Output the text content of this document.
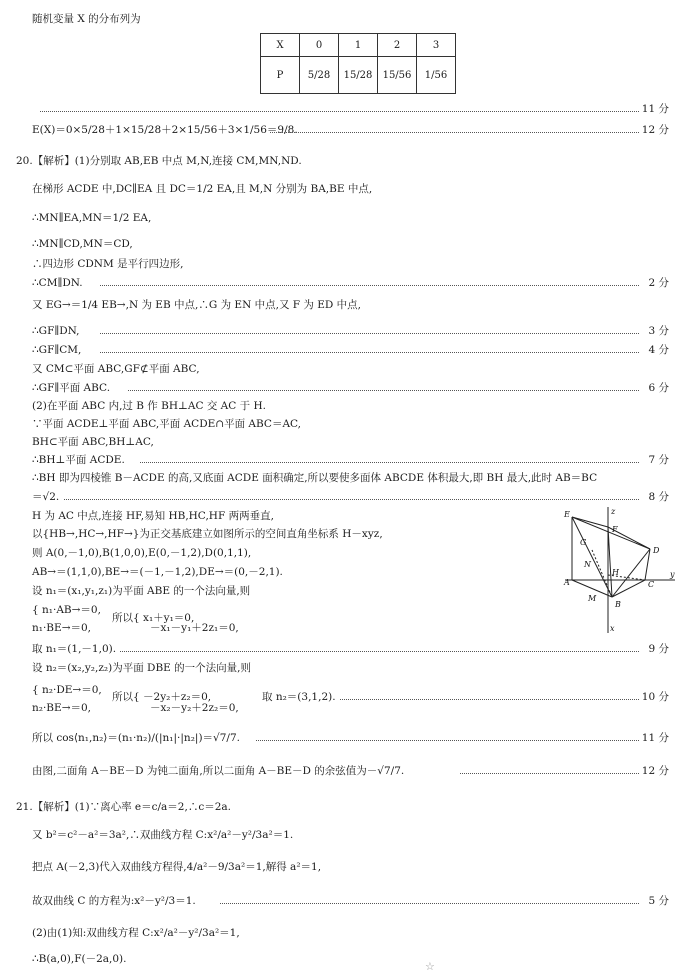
随机变量 X 的分布列为
E(X)＝0×5/28＋1×15/28＋2×15/56＋3×1/56＝9/8.
20.【解析】(1)分别取 AB,EB 中点 M,N,连接 CM,MN,ND.
在梯形 ACDE 中,DC∥EA 且 DC＝1/2 EA,且 M,N 分别为 BA,BE 中点,
∴MN∥EA,MN＝1/2 EA,
∴MN∥CD,MN＝CD,
∴四边形 CDNM 是平行四边形,
∴CM∥DN.
又 EG→＝1/4 EB→,N 为 EB 中点,∴G 为 EN 中点,又 F 为 ED 中点,
∴GF∥DN,
∴GF∥CM,
又 CM⊂平面 ABC,GF⊄平面 ABC,
∴GF∥平面 ABC.
(2)在平面 ABC 内,过 B 作 BH⊥AC 交 AC 于 H.
∵平面 ACDE⊥平面 ABC,平面 ACDE∩平面 ABC＝AC,
BH⊂平面 ABC,BH⊥AC,
∴BH⊥平面 ACDE.
∴BH 即为四棱锥 B－ACDE 的高,又底面 ACDE 面积确定,所以要使多面体 ABCDE 体积最大,即 BH 最大,此时 AB＝BC
＝√2.
H 为 AC 中点,连接 HF,易知 HB,HC,HF 两两垂直,
以{HB→,HC→,HF→}为正交基底建立如图所示的空间直角坐标系 H－xyz,
则 A(0,－1,0),B(1,0,0),E(0,－1,2),D(0,1,1),
AB→＝(1,1,0),BE→＝(－1,－1,2),DE→＝(0,－2,1).
设 n₁＝(x₁,y₁,z₁)为平面 ABE 的一个法向量,则
{ n₁·AB→＝0,
n₁·BE→＝0,
所以{ x₁＋y₁＝0,
－x₁－y₁＋2z₁＝0,
取 n₁＝(1,－1,0).
设 n₂＝(x₂,y₂,z₂)为平面 DBE 的一个法向量,则
{ n₂·DE→＝0,
n₂·BE→＝0,
所以{ －2y₂＋z₂＝0,
－x₂－y₂＋2z₂＝0,
取 n₂＝(3,1,2).
所以 cos⟨n₁,n₂⟩＝(n₁·n₂)/(|n₁|·|n₂|)＝√7/7.
由图,二面角 A－BE－D 为钝二面角,所以二面角 A－BE－D 的余弦值为－√7/7.
21.【解析】(1)∵离心率 e＝c/a＝2,∴c＝2a.
又 b²＝c²－a²＝3a²,∴双曲线方程 C:x²/a²－y²/3a²＝1.
把点 A(－2,3)代入双曲线方程得,4/a²－9/3a²＝1,解得 a²＝1,
故双曲线 C 的方程为:x²－y²/3＝1.
(2)由(1)知:双曲线方程 C:x²/a²－y²/3a²＝1,
∴B(a,0),F(－2a,0).
11 分
12 分
2 分
3 分
4 分
6 分
7 分
8 分
9 分
10 分
11 分
12 分
5 分
X	0	1	2	3
P	5/28	15/28	15/56	1/56
E	z
F
G
D
N
H
A	C
y
M
B
x
☆
